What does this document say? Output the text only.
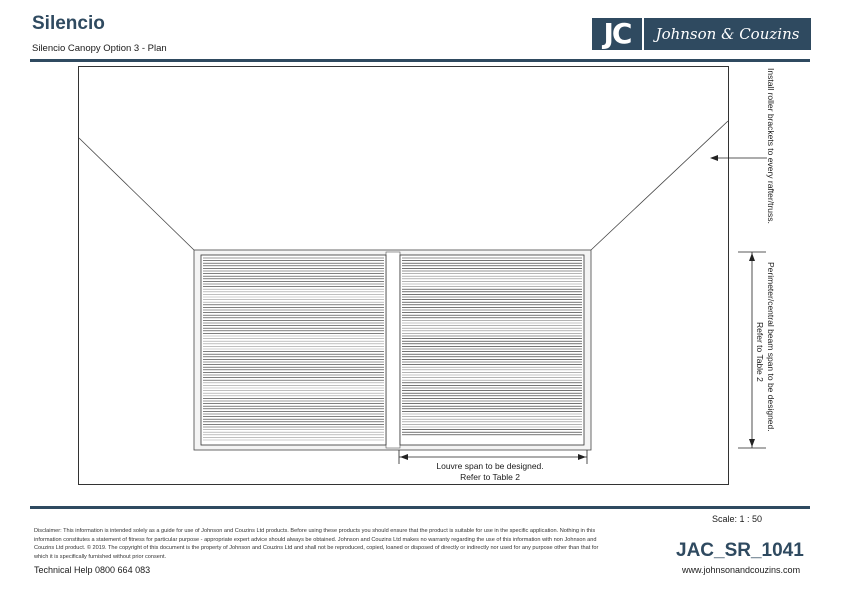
Silencio
Silencio Canopy Option 3 - Plan	JC	Johnson & Couzins
Install roller brackets to every rafter/truss.
Perimeter/central beam span to be designed.
Refer to Table 2
Louvre span to be designed.
Refer to Table 2
Scale: 1 : 50
Disclaimer: This information is intended solely as a guide for use of Johnson and Couzins Ltd products. Before using these products you should ensure that the product is suitable for use in the specific application. Nothing in this information constitutes a statement of fitness for particular purpose - appropriate expert advice should always be obtained. Johnson and Couzins Ltd makes no warranty regarding the use of this information with non Johnson and Couzins Ltd product. © 2019. The copyright of this document is the property of Johnson and Couzins Ltd and shall not be reproduced, copied, loaned or disposed of directly or indirectly nor used for any purpose other than that for which it is specifically furnished without prior consent.
Technical Help 0800 664 083
JAC_SR_1041
www.johnsonandcouzins.com
